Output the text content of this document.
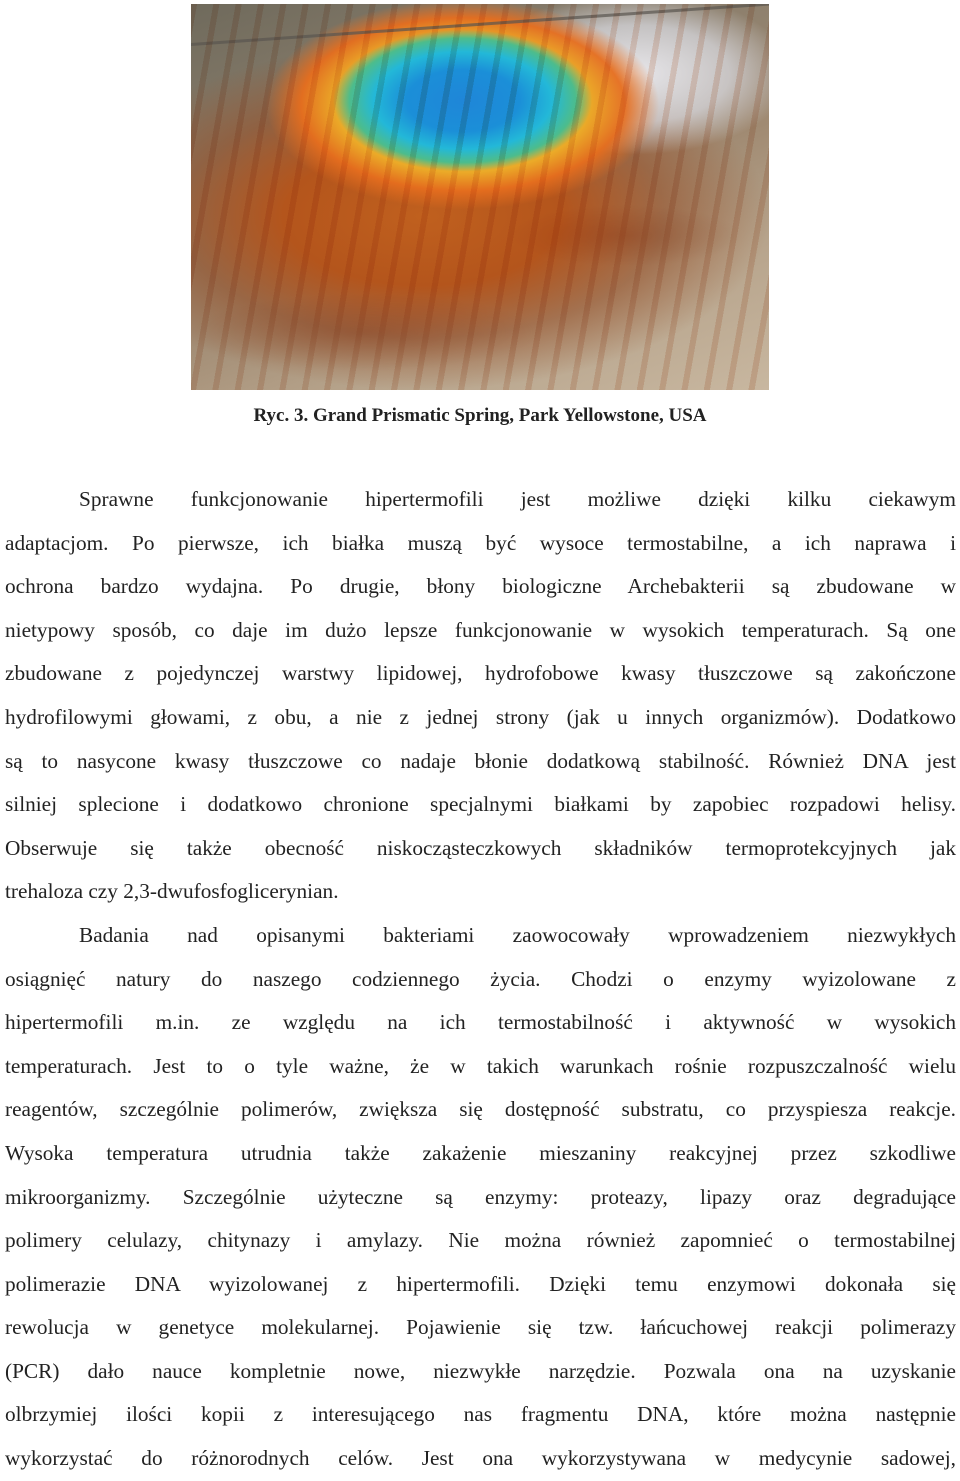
Ryc. 3. Grand Prismatic Spring, Park Yellowstone, USA

Sprawne funkcjonowanie hipertermofili jest możliwe dzięki kilku ciekawym
adaptacjom. Po pierwsze, ich białka muszą być wysoce termostabilne, a ich naprawa i
ochrona bardzo wydajna. Po drugie, błony biologiczne Archebakterii są zbudowane w
nietypowy sposób, co daje im dużo lepsze funkcjonowanie w wysokich temperaturach. Są one
zbudowane z pojedynczej warstwy lipidowej, hydrofobowe kwasy tłuszczowe są zakończone
hydrofilowymi głowami, z obu, a nie z jednej strony (jak u innych organizmów). Dodatkowo
są to nasycone kwasy tłuszczowe co nadaje błonie dodatkową stabilność. Również DNA jest
silniej splecione i dodatkowo chronione specjalnymi białkami by zapobiec rozpadowi helisy.
Obserwuje się także obecność niskocząsteczkowych składników termoprotekcyjnych jak
trehaloza czy 2,3-dwufosfoglicerynian.

Badania nad opisanymi bakteriami zaowocowały wprowadzeniem niezwykłych
osiągnięć natury do naszego codziennego życia. Chodzi o enzymy wyizolowane z
hipertermofili m.in. ze względu na ich termostabilność i aktywność w wysokich
temperaturach. Jest to o tyle ważne, że w takich warunkach rośnie rozpuszczalność wielu
reagentów, szczególnie polimerów, zwiększa się dostępność substratu, co przyspiesza reakcje.
Wysoka temperatura utrudnia także zakażenie mieszaniny reakcyjnej przez szkodliwe
mikroorganizmy. Szczególnie użyteczne są enzymy: proteazy, lipazy oraz degradujące
polimery celulazy, chitynazy i amylazy. Nie można również zapomnieć o termostabilnej
polimerazie DNA wyizolowanej z hipertermofili. Dzięki temu enzymowi dokonała się
rewolucja w genetyce molekularnej. Pojawienie się tzw. łańcuchowej reakcji polimerazy
(PCR) dało nauce kompletnie nowe, niezwykłe narzędzie. Pozwala ona na uzyskanie
olbrzymiej ilości kopii z interesującego nas fragmentu DNA, które można następnie
wykorzystać do różnorodnych celów. Jest ona wykorzystywana w medycynie sadowej,
